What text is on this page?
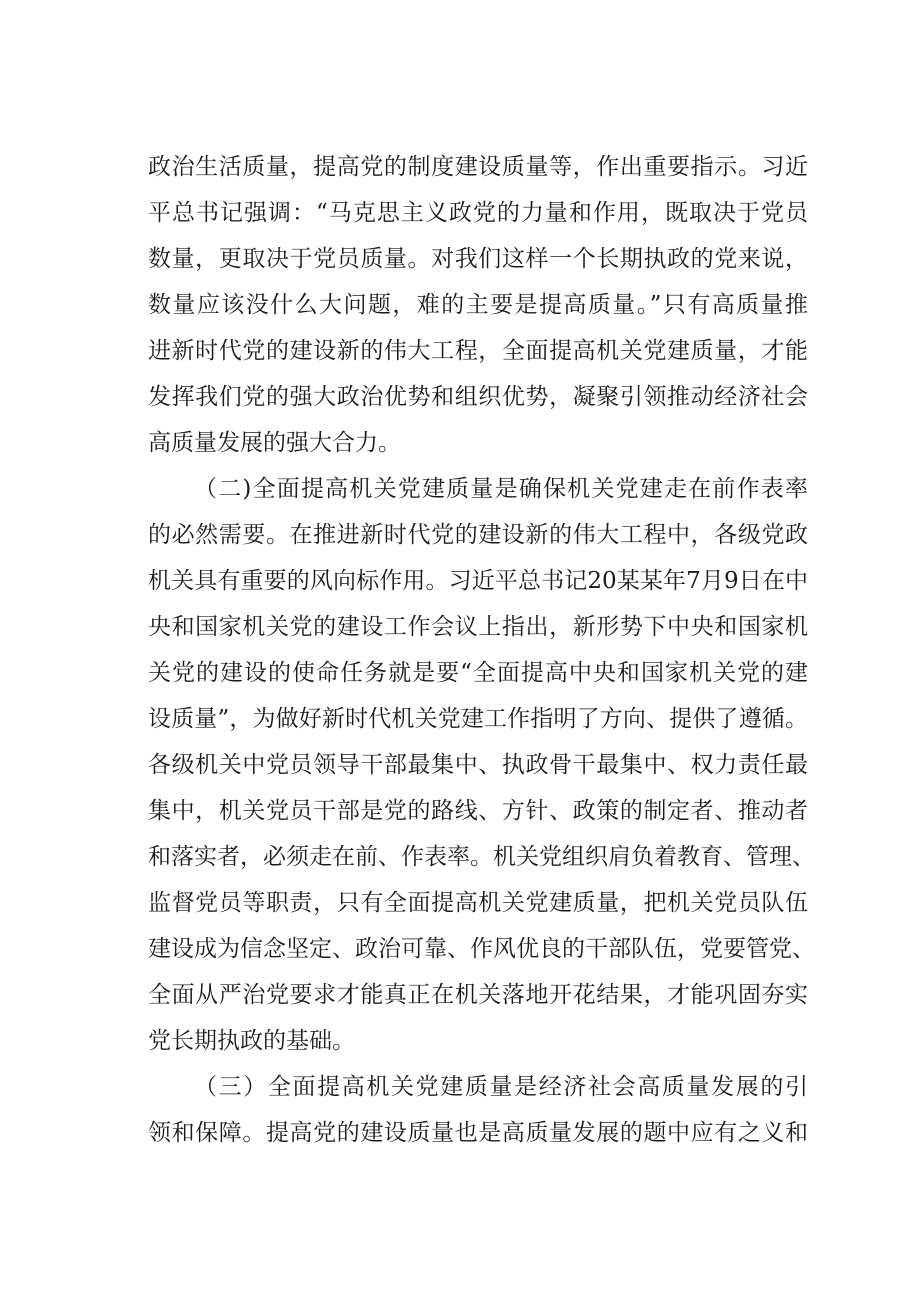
政治生活质量，提高党的制度建设质量等，作出重要指示。习近
平总书记强调：“马克思主义政党的力量和作用，既取决于党员
数量，更取决于党员质量。对我们这样一个长期执政的党来说，
数量应该没什么大问题，难的主要是提高质量。”只有高质量推
进新时代党的建设新的伟大工程，全面提高机关党建质量，才能
发挥我们党的强大政治优势和组织优势，凝聚引领推动经济社会
高质量发展的强大合力。
（二)全面提高机关党建质量是确保机关党建走在前作表率
的必然需要。在推进新时代党的建设新的伟大工程中，各级党政
机关具有重要的风向标作用。习近平总书记20某某年7月9日在中
央和国家机关党的建设工作会议上指出，新形势下中央和国家机
关党的建设的使命任务就是要“全面提高中央和国家机关党的建
设质量”，为做好新时代机关党建工作指明了方向、提供了遵循。
各级机关中党员领导干部最集中、执政骨干最集中、权力责任最
集中，机关党员干部是党的路线、方针、政策的制定者、推动者
和落实者，必须走在前、作表率。机关党组织肩负着教育、管理、
监督党员等职责，只有全面提高机关党建质量，把机关党员队伍
建设成为信念坚定、政治可靠、作风优良的干部队伍，党要管党、
全面从严治党要求才能真正在机关落地开花结果，才能巩固夯实
党长期执政的基础。
（三）全面提高机关党建质量是经济社会高质量发展的引
领和保障。提高党的建设质量也是高质量发展的题中应有之义和
